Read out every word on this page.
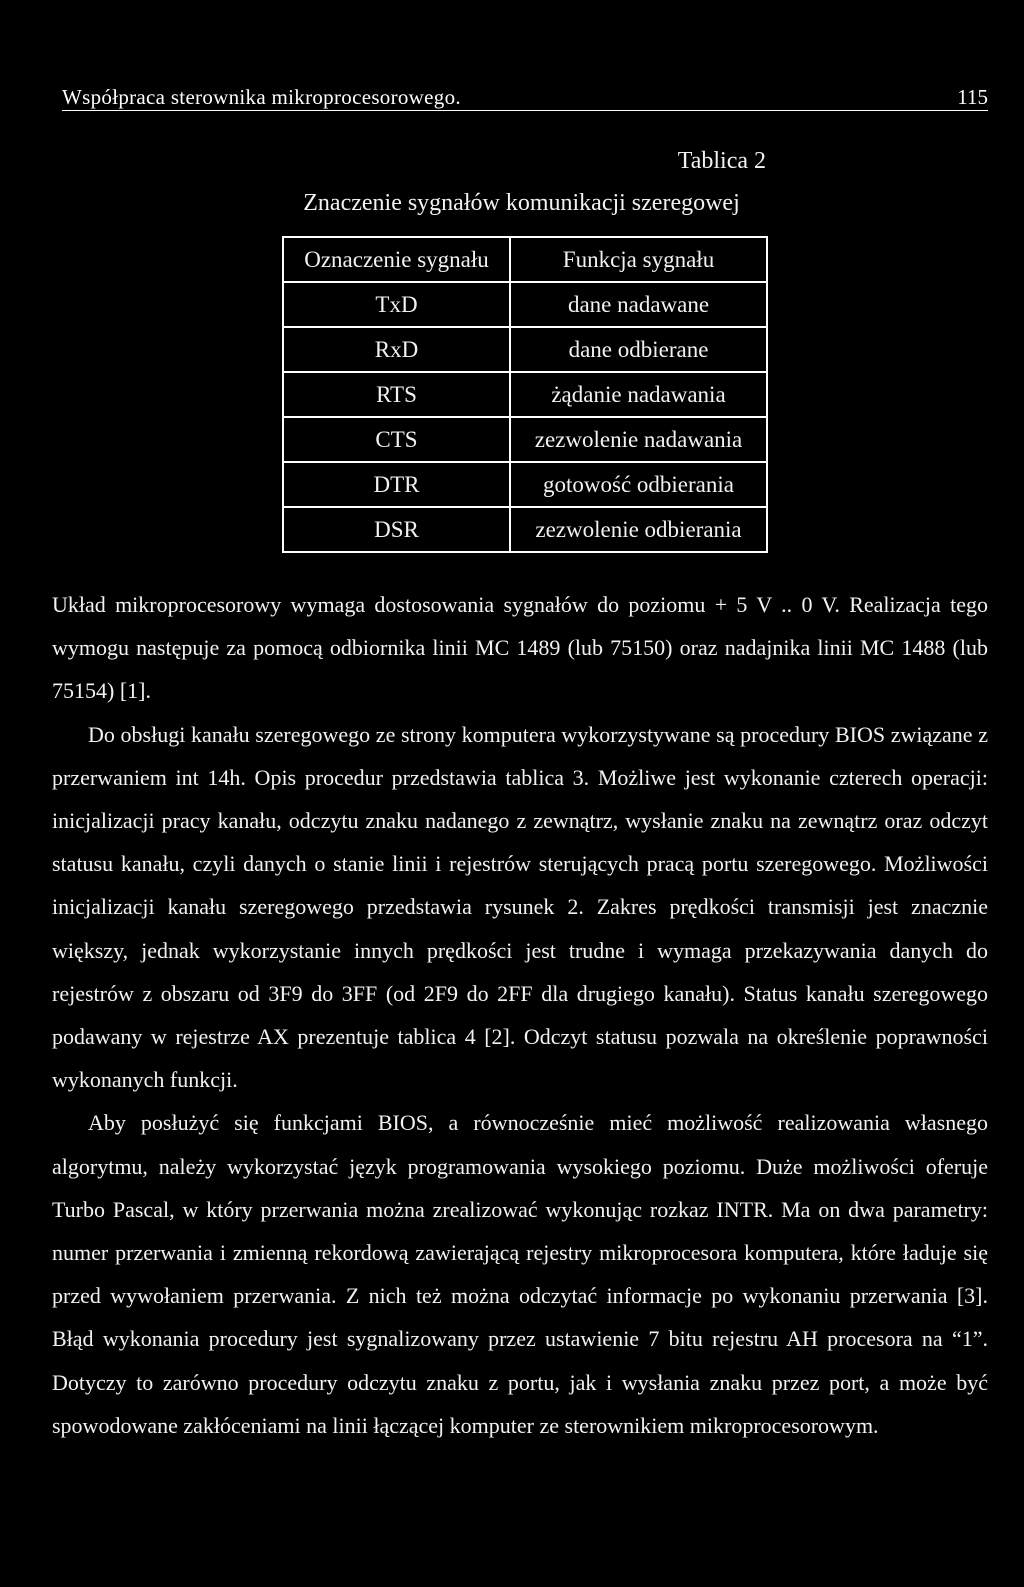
Współpraca sterownika mikroprocesorowego.	115
Tablica 2
Znaczenie sygnałów komunikacji szeregowej
Oznaczenie sygnału	Funkcja sygnału
TxD	dane nadawane
RxD	dane odbierane
RTS	żądanie nadawania
CTS	zezwolenie nadawania
DTR	gotowość odbierania
DSR	zezwolenie odbierania

Układ mikroprocesorowy wymaga dostosowania sygnałów do poziomu + 5 V .. 0 V. Realizacja tego wymogu następuje za pomocą odbiornika linii MC 1489 (lub 75150) oraz nadajnika linii MC 1488 (lub 75154) [1].

Do obsługi kanału szeregowego ze strony komputera wykorzystywane są procedury BIOS związane z przerwaniem int 14h. Opis procedur przedstawia tablica 3. Możliwe jest wykonanie czterech operacji: inicjalizacji pracy kanału, odczytu znaku nadanego z zewnątrz, wysłanie znaku na zewnątrz oraz odczyt statusu kanału, czyli danych o stanie linii i rejestrów sterujących pracą portu szeregowego. Możliwości inicjalizacji kanału szeregowego przedstawia rysunek 2. Zakres prędkości transmisji jest znacznie większy, jednak wykorzystanie innych prędkości jest trudne i wymaga przekazywania danych do rejestrów z obszaru od 3F9 do 3FF (od 2F9 do 2FF dla drugiego kanału). Status kanału szeregowego podawany w rejestrze AX prezentuje tablica 4 [2]. Odczyt statusu pozwala na określenie poprawności wykonanych funkcji.

Aby posłużyć się funkcjami BIOS, a równocześnie mieć możliwość realizowania własnego algorytmu, należy wykorzystać język programowania wysokiego poziomu. Duże możliwości oferuje Turbo Pascal, w który przerwania można zrealizować wykonując rozkaz INTR. Ma on dwa parametry: numer przerwania i zmienną rekordową zawierającą rejestry mikroprocesora komputera, które ładuje się przed wywołaniem przerwania. Z nich też można odczytać informacje po wykonaniu przerwania [3]. Błąd wykonania procedury jest sygnalizowany przez ustawienie 7 bitu rejestru AH procesora na “1”. Dotyczy to zarówno procedury odczytu znaku z portu, jak i wysłania znaku przez port, a może być spowodowane zakłóceniami na linii łączącej komputer ze sterownikiem mikroprocesorowym.
